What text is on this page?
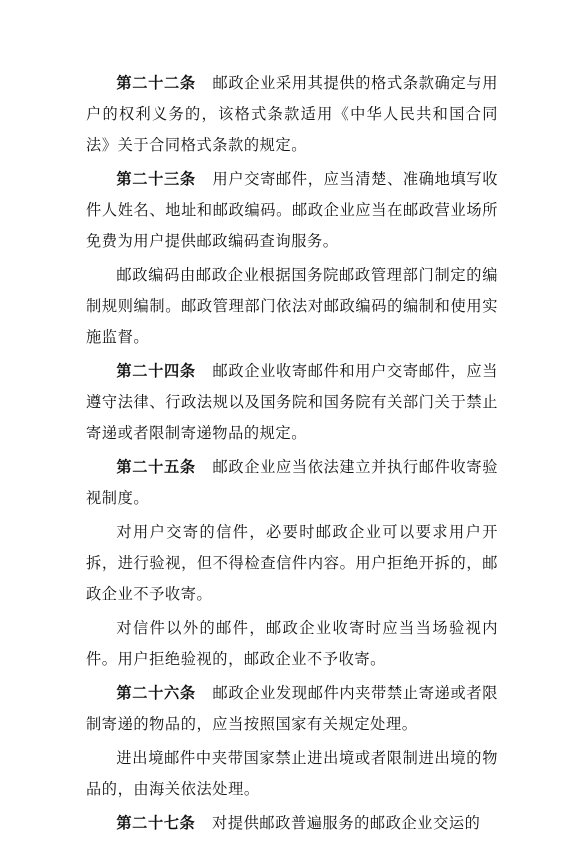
第二十二条 邮政企业采用其提供的格式条款确定与用户的权利义务的，该格式条款适用《中华人民共和国合同法》关于合同格式条款的规定。

第二十三条 用户交寄邮件，应当清楚、准确地填写收件人姓名、地址和邮政编码。邮政企业应当在邮政营业场所免费为用户提供邮政编码查询服务。

邮政编码由邮政企业根据国务院邮政管理部门制定的编制规则编制。邮政管理部门依法对邮政编码的编制和使用实施监督。

第二十四条 邮政企业收寄邮件和用户交寄邮件，应当遵守法律、行政法规以及国务院和国务院有关部门关于禁止寄递或者限制寄递物品的规定。

第二十五条 邮政企业应当依法建立并执行邮件收寄验视制度。

对用户交寄的信件，必要时邮政企业可以要求用户开拆，进行验视，但不得检查信件内容。用户拒绝开拆的，邮政企业不予收寄。

对信件以外的邮件，邮政企业收寄时应当当场验视内件。用户拒绝验视的，邮政企业不予收寄。

第二十六条 邮政企业发现邮件内夹带禁止寄递或者限制寄递的物品的，应当按照国家有关规定处理。

进出境邮件中夹带国家禁止进出境或者限制进出境的物品的，由海关依法处理。

第二十七条 对提供邮政普遍服务的邮政企业交运的
